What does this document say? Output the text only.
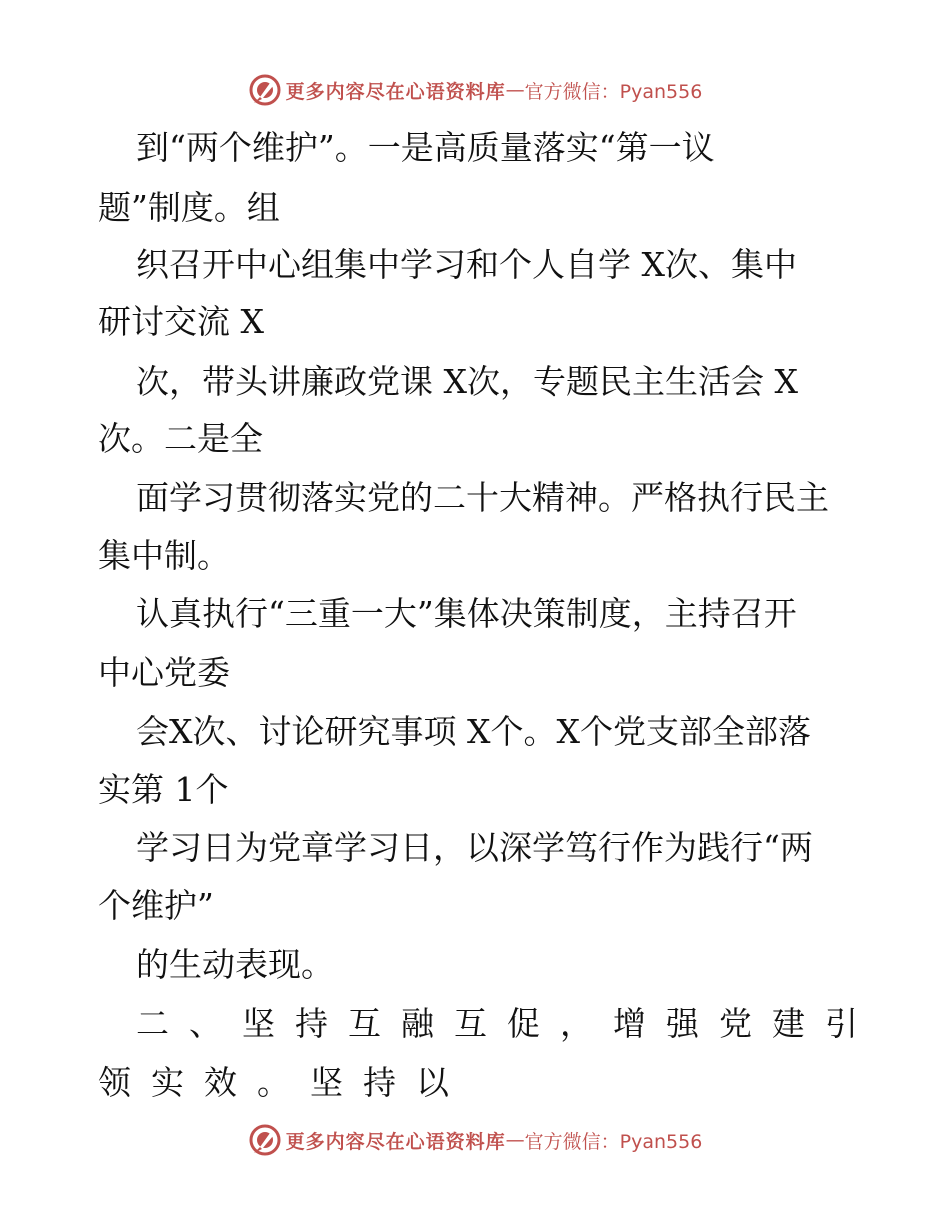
更多内容尽在心语资料库 — 官方微信：Pyan556
到“两个维护”。一是高质量落实“第一议
题”制度。组
织召开中心组集中学习和个人自学 X次、集中
研讨交流 X
次，带头讲廉政党课 X次，专题民主生活会 X
次。二是全
面学习贯彻落实党的二十大精神。严格执行民主
集中制。
认真执行“三重一大”集体决策制度，主持召开
中心党委
会X次、讨论研究事项 X个。X个党支部全部落
实第 1个
学习日为党章学习日，以深学笃行作为践行“两
个维护”
的生动表现。
二、坚持互融互促，增强党建引
领实效。坚持以
更多内容尽在心语资料库 — 官方微信：Pyan556
